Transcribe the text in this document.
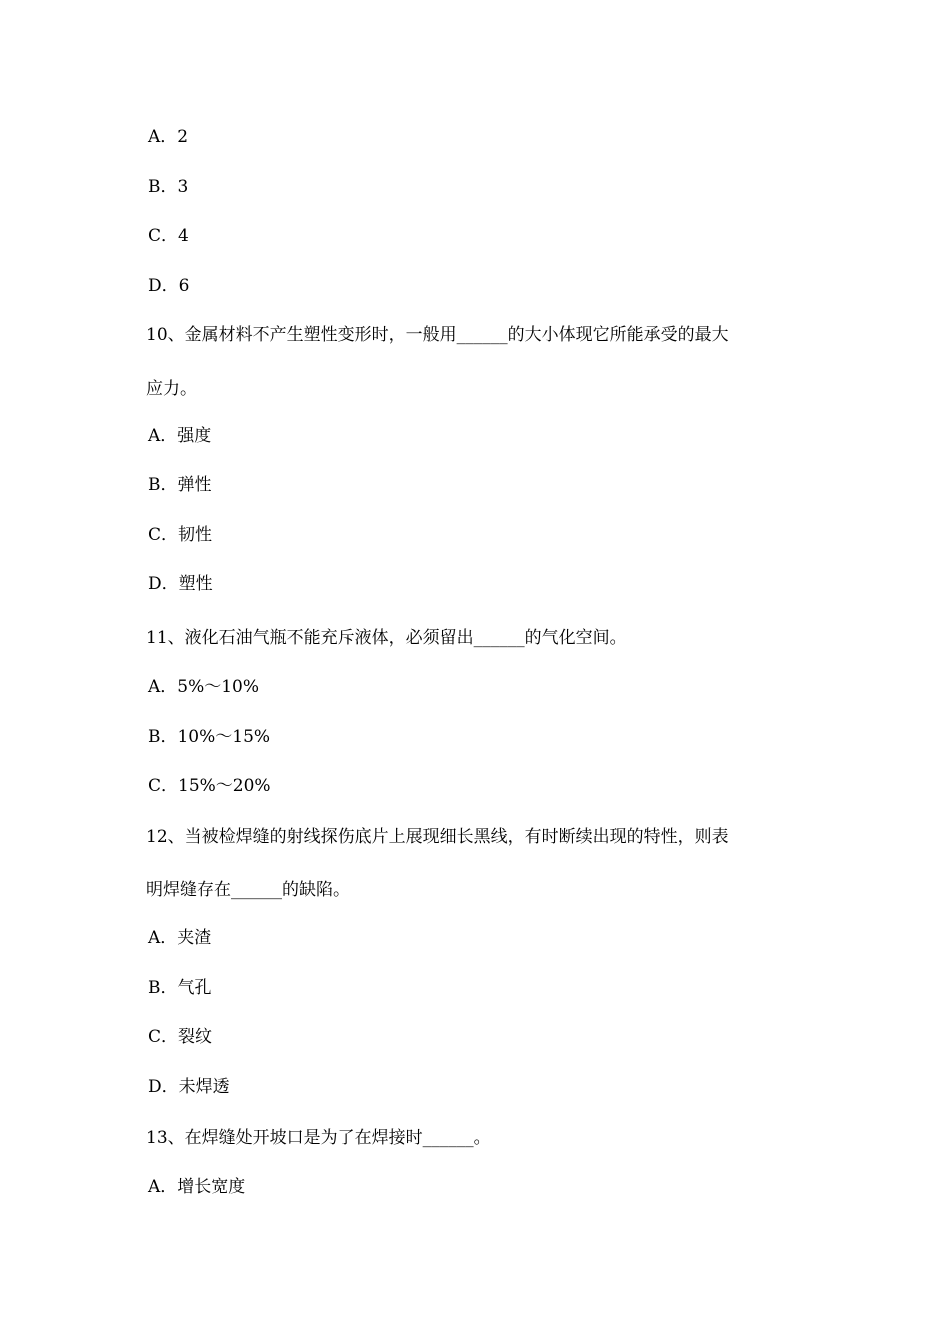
A．2
B．3
C．4
D．6
10、金属材料不产生塑性变形时，一般用______的大小体现它所能承受的最大
应力。
A．强度
B．弹性
C．韧性
D．塑性
11、液化石油气瓶不能充斥液体，必须留出______的气化空间。
A．5%～10%
B．10%～15%
C．15%～20%
12、当被检焊缝的射线探伤底片上展现细长黑线，有时断续出现的特性，则表
明焊缝存在______的缺陷。
A．夹渣
B．气孔
C．裂纹
D．未焊透
13、在焊缝处开坡口是为了在焊接时______。
A．增长宽度
